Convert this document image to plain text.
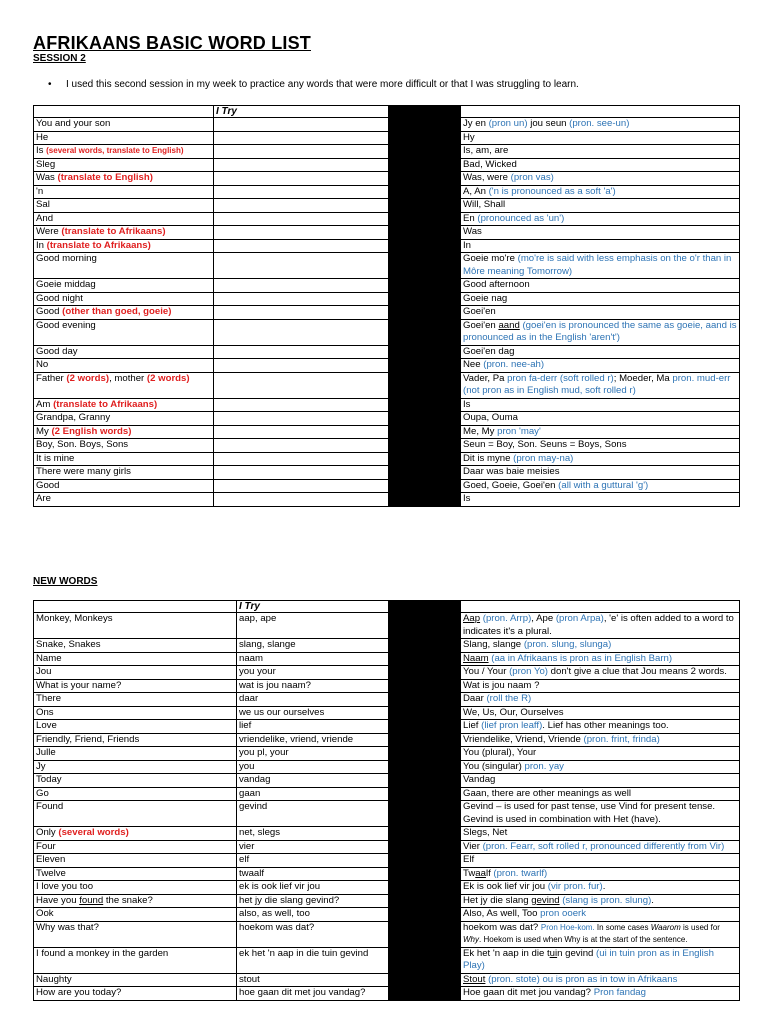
AFRIKAANS BASIC WORD LIST
SESSION 2
• I used this second session in my week to practice any words that were more difficult or that I was struggling to learn.
	I Try		
You and your son			Jy en (pron un) jou seun (pron. see-un)
He			Hy
Is (several words, translate to English)			Is, am, are
Sleg			Bad, Wicked
Was (translate to English)			Was, were (pron vas)
'n			A, An ('n is pronounced as a soft 'a')
Sal			Will, Shall
And			En (pronounced as 'un')
Were (translate to Afrikaans)			Was
In (translate to Afrikaans)			In
Good morning			Goeie mo're (mo're is said with less emphasis on the o'r than in Môre meaning Tomorrow)
Goeie middag			Good afternoon
Good night			Goeie nag
Good (other than goed, goeie)			Goei'en
Good evening			Goei'en aand (goei'en is pronounced the same as goeie, aand is pronounced as in the English 'aren't')
Good day			Goei'en dag
No			Nee (pron. nee-ah)
Father (2 words), mother (2 words)			Vader, Pa pron fa-derr (soft rolled r); Moeder, Ma pron. mud-err (not pron as in English mud, soft rolled r)
Am (translate to Afrikaans)			Is
Grandpa, Granny			Oupa, Ouma
My (2 English words)			Me, My pron 'may'
Boy, Son. Boys, Sons			Seun = Boy, Son. Seuns = Boys, Sons
It is mine			Dit is myne (pron may-na)
There were many girls			Daar was baie meisies
Good			Goed, Goeie, Goei'en (all with a guttural 'g')
Are			Is
NEW WORDS
	I Try		
Monkey, Monkeys	aap, ape		Aap (pron. Arrp), Ape (pron Arpa), 'e' is often added to a word to indicates it's a plural.
Snake, Snakes	slang, slange		Slang, slange (pron. slung, slunga)
Name	naam		Naam (aa in Afrikaans is pron as in English Barn)
Jou	you your		You / Your (pron Yo) don't give a clue that Jou means 2 words.
What is your name?	wat is jou naam?		Wat is jou naam ?
There	daar		Daar (roll the R)
Ons	we us our ourselves		We, Us, Our, Ourselves
Love	lief		Lief (lief pron leaff). Lief has other meanings too.
Friendly, Friend, Friends	vriendelike, vriend, vriende		Vriendelike, Vriend, Vriende (pron. frint, frinda)
Julle	you pl, your		You (plural), Your
Jy	you		You (singular) pron. yay
Today	vandag		Vandag
Go	gaan		Gaan, there are other meanings as well
Found	gevind		Gevind – is used for past tense, use Vind for present tense. Gevind is used in combination with Het (have).
Only (several words)	net, slegs		Slegs, Net
Four	vier		Vier (pron. Fearr, soft rolled r, pronounced differently from Vir)
Eleven	elf		Elf
Twelve	twaalf		Twaalf (pron. twarlf)
I love you too	ek is ook lief vir jou		Ek is ook lief vir jou (vir pron. fur).
Have you found the snake?	het jy die slang gevind?		Het jy die slang gevind (slang is pron. slung).
Ook	also, as well, too		Also, As well, Too pron ooerk
Why was that?	hoekom was dat?		hoekom was dat? Pron Hoe-kom. In some cases Waarom is used for Why. Hoekom is used when Why is at the start of the sentence.
I found a monkey in the garden	ek het 'n aap in die tuin gevind		Ek het 'n aap in die tuin gevind (ui in tuin pron as in English Play)
Naughty	stout		Stout (pron. stote) ou is pron as in tow in Afrikaans
How are you today?	hoe gaan dit met jou vandag?		Hoe gaan dit met jou vandag? Pron fandag
